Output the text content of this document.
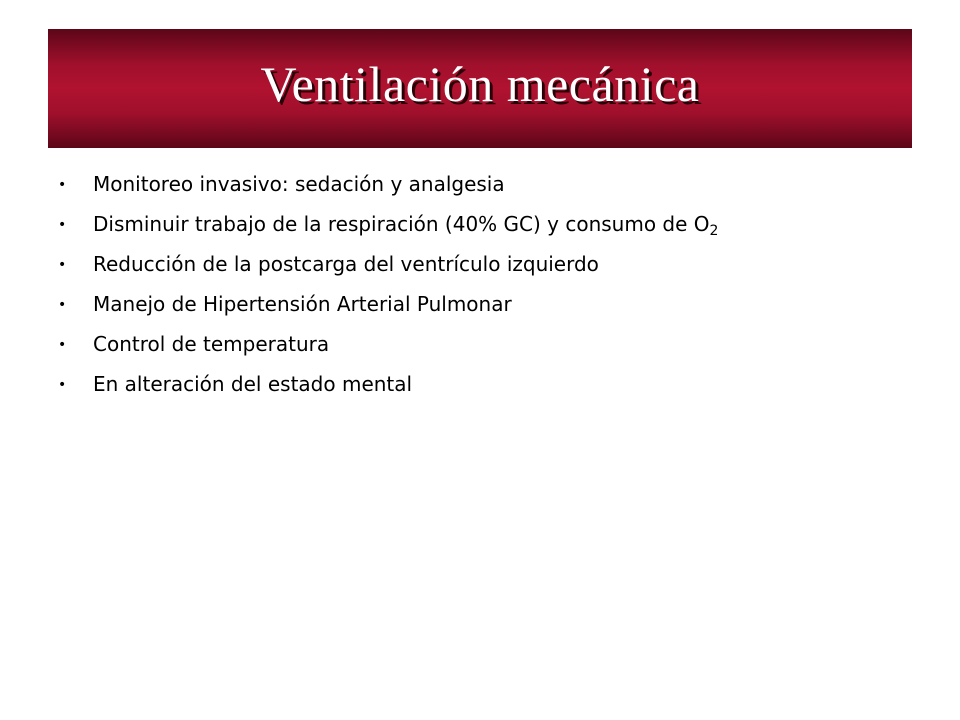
Ventilación mecánica
•	Monitoreo invasivo: sedación y analgesia
•	Disminuir trabajo de la respiración (40% GC) y consumo de $O_2$
•	Reducción de la postcarga del ventrículo izquierdo
•	Manejo de Hipertensión Arterial Pulmonar
•	Control de temperatura
•	En alteración del estado mental
